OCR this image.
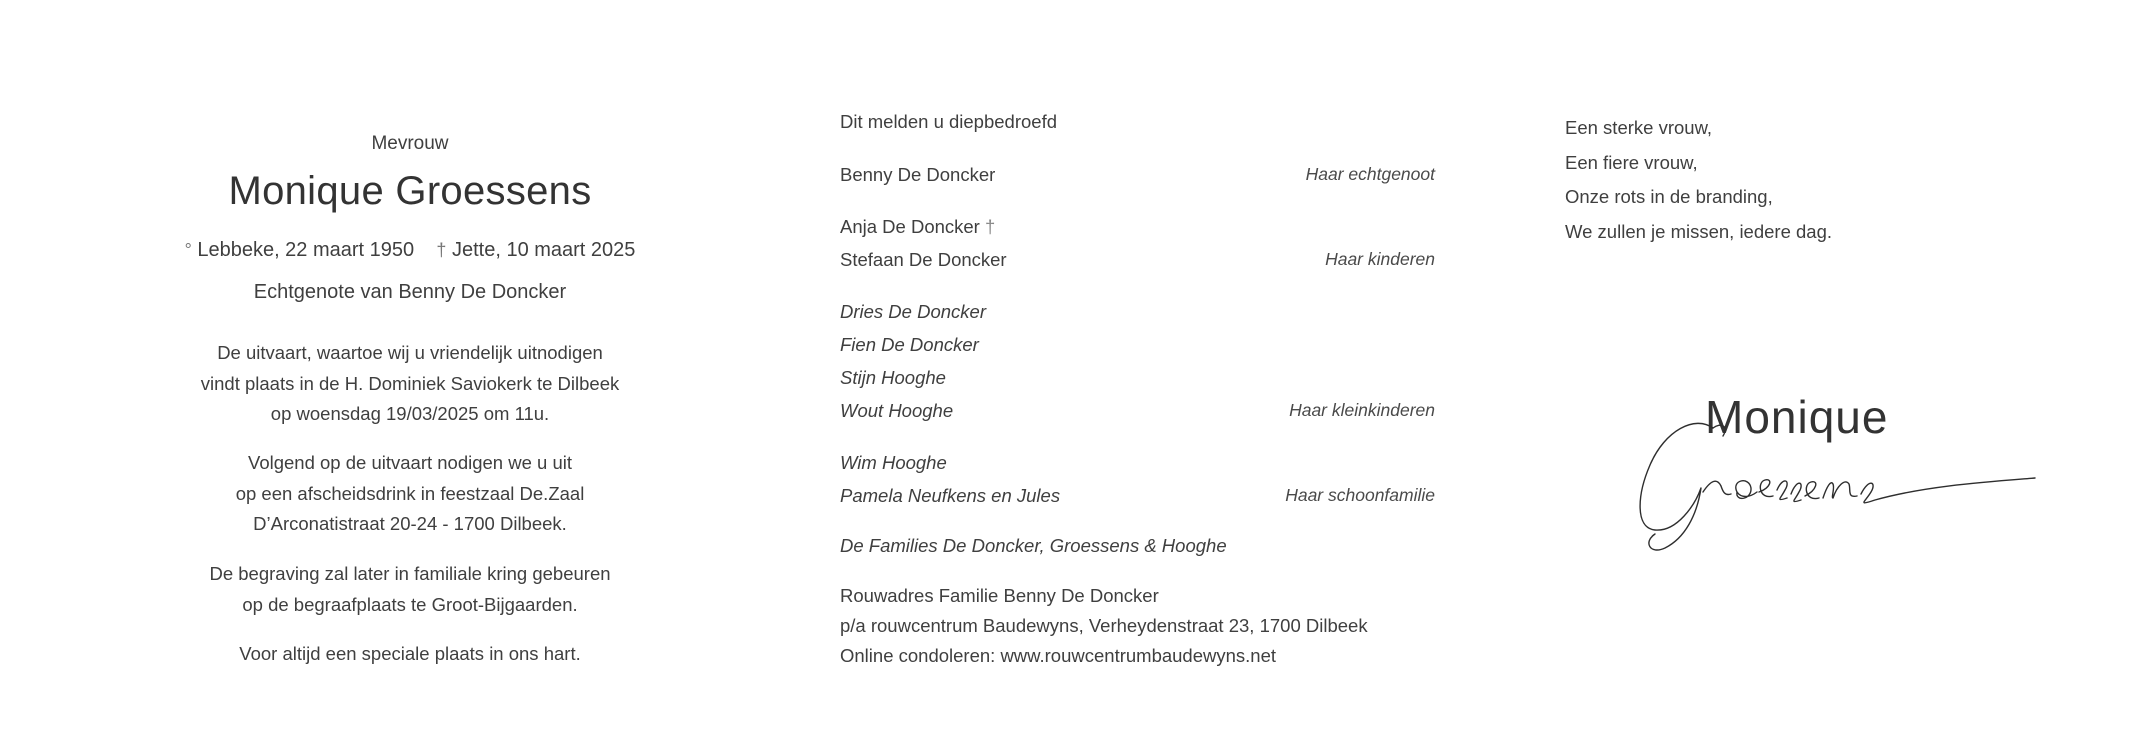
Mevrouw
Monique Groessens
° Lebbeke, 22 maart 1950 † Jette, 10 maart 2025
Echtgenote van Benny De Doncker
De uitvaart, waartoe wij u vriendelijk uitnodigen
vindt plaats in de H. Dominiek Saviokerk te Dilbeek
op woensdag 19/03/2025 om 11u.
Volgend op de uitvaart nodigen we u uit
op een afscheidsdrink in feestzaal De.Zaal
D’Arconatistraat 20-24 - 1700 Dilbeek.
De begraving zal later in familiale kring gebeuren
op de begraafplaats te Groot-Bijgaarden.
Voor altijd een speciale plaats in ons hart.
Dit melden u diepbedroefd
Benny De Doncker	Haar echtgenoot
Anja De Doncker †
Stefaan De Doncker	Haar kinderen
Dries De Doncker
Fien De Doncker
Stijn Hooghe
Wout Hooghe	Haar kleinkinderen
Wim Hooghe
Pamela Neufkens en Jules	Haar schoonfamilie
De Families De Doncker, Groessens & Hooghe
Rouwadres Familie Benny De Doncker
p/a rouwcentrum Baudewyns, Verheydenstraat 23, 1700 Dilbeek
Online condoleren: www.rouwcentrumbaudewyns.net
Een sterke vrouw,
Een fiere vrouw,
Onze rots in de branding,
We zullen je missen, iedere dag.
Monique
